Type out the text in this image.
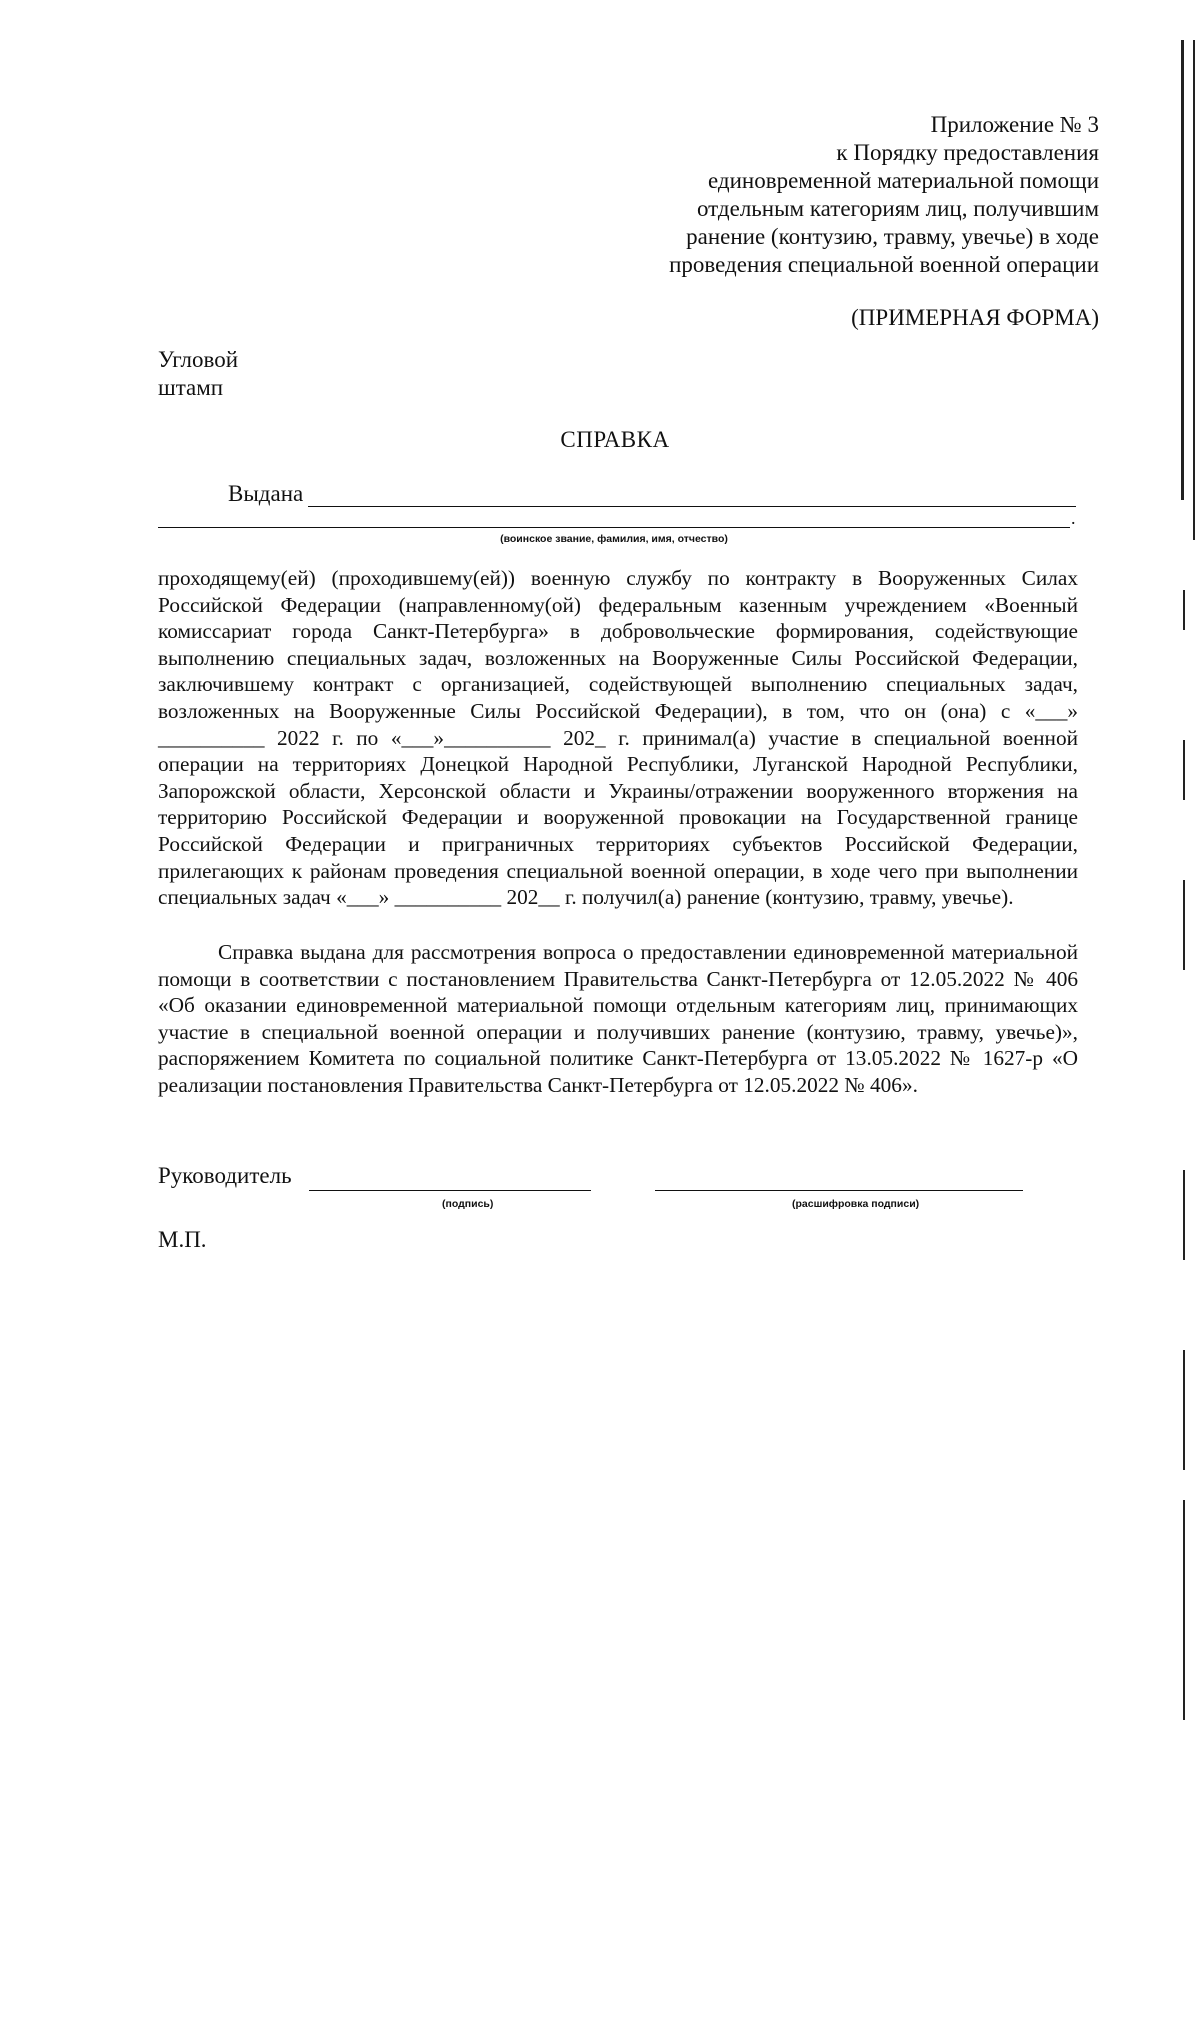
Приложение № 3
к Порядку предоставления
единовременной материальной помощи
отдельным категориям лиц, получившим
ранение (контузию, травму, увечье) в ходе
проведения специальной военной операции
(ПРИМЕРНАЯ ФОРМА)
Угловой
штамп
СПРАВКА
Выдана
.
(воинское звание, фамилия, имя, отчество)
проходящему(ей) (проходившему(ей)) военную службу по контракту в Вооруженных Силах Российской Федерации (направленному(ой) федеральным казенным учреждением «Военный комиссариат города Санкт-Петербурга» в добровольческие формирования, содействующие выполнению специальных задач, возложенных на Вооруженные Силы Российской Федерации, заключившему контракт с организацией, содействующей выполнению специальных задач, возложенных на Вооруженные Силы Российской Федерации), в том, что он (она) с «___» __________ 2022 г. по «___»__________ 202_ г. принимал(а) участие в специальной военной операции на территориях Донецкой Народной Республики, Луганской Народной Республики, Запорожской области, Херсонской области и Украины/отражении вооруженного вторжения на территорию Российской Федерации и вооруженной провокации на Государственной границе Российской Федерации и приграничных территориях субъектов Российской Федерации, прилегающих к районам проведения специальной военной операции, в ходе чего при выполнении специальных задач «___» __________ 202__ г. получил(а) ранение (контузию, травму, увечье).
Справка выдана для рассмотрения вопроса о предоставлении единовременной материальной помощи в соответствии с постановлением Правительства Санкт-Петербурга от 12.05.2022 № 406 «Об оказании единовременной материальной помощи отдельным категориям лиц, принимающих участие в специальной военной операции и получивших ранение (контузию, травму, увечье)», распоряжением Комитета по социальной политике Санкт-Петербурга от 13.05.2022 № 1627-р «О реализации постановления Правительства Санкт-Петербурга от 12.05.2022 № 406».
Руководитель
(подпись)	(расшифровка подписи)
М.П.
